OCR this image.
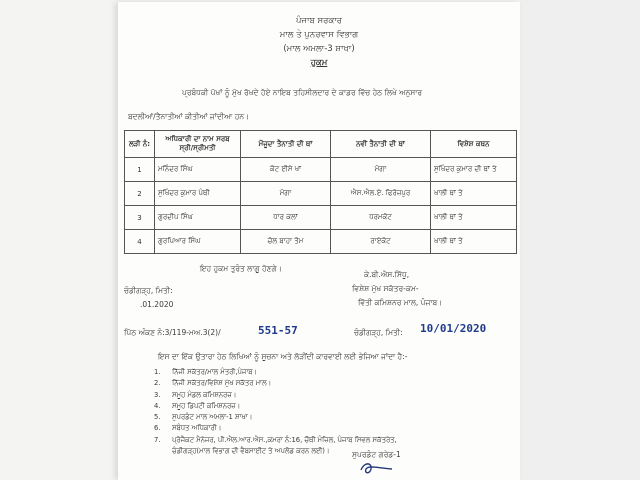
ਪੰਜਾਬ ਸਰਕਾਰ
ਮਾਲ ਤੇ ਪੁਨਰਵਾਸ ਵਿਭਾਗ
(ਮਾਲ ਅਮਲਾ-3 ਸ਼ਾਖਾ)
ਹੁਕਮ
ਪ੍ਰਬੰਧਕੀ ਪੱਖਾਂ ਨੂੰ ਮੁੱਖ ਰੱਖਦੇ ਹੋਏ ਨਾਇਬ ਤਹਿਸੀਲਦਾਰ ਦੇ ਕਾਡਰ ਵਿੱਚ ਹੇਠ ਲਿਖੇ ਅਨੁਸਾਰ
ਬਦਲੀਆਂ/ਤੈਨਾਤੀਆਂ ਕੀਤੀਆਂ ਜਾਂਦੀਆ ਹਨ।
ਲੜੀ ਨੰ:	ਅਧਿਕਾਰੀ ਦਾ ਨਾਮ ਸਰਬ ਸ੍ਰੀ/ਸ੍ਰੀਮਤੀ	ਮੌਜੂਦਾ ਤੈਨਾਤੀ ਦੀ ਥਾਂ	ਨਵੀਂ ਤੈਨਾਤੀ ਦੀ ਥਾਂ	ਵਿਸ਼ੇਸ਼ ਕਥਨ
1	ਮਨਿੰਦਰ ਸਿੰਘ	ਕੋਟ ਈਸੇ ਖਾਂ	ਮੋਗਾ	ਸੁਖਿੰਦਰ ਕੁਮਾਰ ਦੀ ਥਾਂ ਤੇ
2	ਸੁਖਿੰਦਰ ਕੁਮਾਰ ਪੰਥੀ	ਮੋਗਾ	ਐਸ.ਐਲ.ਏ. ਫਿਰੋਜ਼ਪੁਰ	ਖਾਲੀ ਥਾਂ ਤੇ
3	ਗੁਰਦੀਪ ਸਿੰਘ	ਧਾਰ ਕਲਾਂ	ਧਰਮਕੋਟ	ਖਾਲੀ ਥਾਂ ਤੇ
4	ਗੁਰਪਿਆਰ ਸਿੰਘ	ਚੋਲ ਬਾਹਾ ਤੋਮ	ਰਾਏਕੋਟ	ਖਾਲੀ ਥਾਂ ਤੇ
ਇਹ ਹੁਕਮ ਤੁਰੰਤ ਲਾਗੂ ਹੋਣਗੇ।
ਕੇ.ਬੀ.ਐਸ.ਸਿੱਧੂ,
ਵਿਸ਼ੇਸ਼ ਮੁੱਖ ਸਕੱਤਰ-ਕਮ-
ਵਿੱਤੀ ਕਮਿਸ਼ਨਰ ਮਾਲ, ਪੰਜਾਬ।
ਚੰਡੀਗੜ੍ਹ, ਮਿਤੀ:
.01.2020
ਪਿੱਠ ਅੰਕਣ ਨੰ:3/119-ਮਅ.3(2)/	551-57	ਚੰਡੀਗੜ੍ਹ, ਮਿਤੀ: 10/01/2020
ਇਸ ਦਾ ਇੱਕ ਉਤਾਰਾ ਹੇਠ ਲਿਖਿਆਂ ਨੂੰ ਸੂਚਨਾ ਅਤੇ ਲੋੜੀਂਦੀ ਕਾਰਵਾਈ ਲਈ ਭੇਜਿਆ ਜਾਂਦਾ ਹੈ:-
1.	ਨਿੱਜੀ ਸਕੱਤਰ/ਮਾਲ ਮੰਤਰੀ,ਪੰਜਾਬ।
2.	ਨਿੱਜੀ ਸਕੱਤਰ/ਵਿਸ਼ੇਸ਼ ਮੁੱਖ ਸਕੱਤਰ ਮਾਲ।
3.	ਸਮੂਹ ਮੰਡਲ ਕਮਿਸ਼ਨਰਜ਼।
4.	ਸਮੂਹ ਡਿਪਟੀ ਕਮਿਸ਼ਨਰਜ਼।
5.	ਸੁਪਰਡੰਟ ਮਾਲ ਅਮਲਾ-1 ਸ਼ਾਖਾ।
6.	ਸਬੰਧਤ ਅਧਿਕਾਰੀ।
7.	ਪ੍ਰੋਜੈਕਟ ਮੈਨੇਜਰ, ਪੀ.ਐਲ.ਆਰ.ਐਸ.,ਕਮਰਾ ਨੰ:16, ਚੌਥੀ ਮੰਜ਼ਿਲ, ਪੰਜਾਬ ਸਿਵਲ ਸਕੱਤਰੇਤ,
ਚੰਡੀਗੜ੍ਹ(ਮਾਲ ਵਿਭਾਗ ਦੀ ਵੈਬਸਾਈਟ ਤੇ ਅਪਲੋਡ ਕਰਨ ਲਈ)।	ਸੁਪਰਡੰਟ ਗਰੇਡ-1
